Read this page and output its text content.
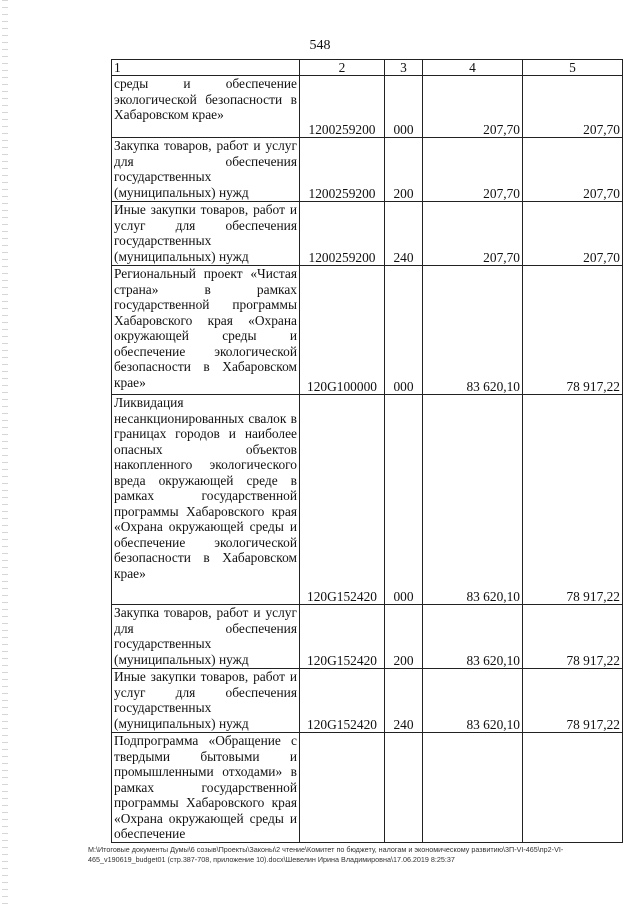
548
1	2	3	4	5
среды и обеспечение экологической безопасности в Хабаровском крае»	1200259200	000	207,70	207,70
Закупка товаров, работ и услуг для обеспечения государственных (муниципальных) нужд	1200259200	200	207,70	207,70
Иные закупки товаров, работ и услуг для обеспечения государственных (муниципальных) нужд	1200259200	240	207,70	207,70
Региональный проект «Чистая страна» в рамках государственной программы Хабаровского края «Охрана окружающей среды и обеспечение экологической безопасности в Хабаровском крае»	120G100000	000	83 620,10	78 917,22
Ликвидация несанкционированных свалок в границах городов и наиболее опасных объектов накопленного экологического вреда окружающей среде в рамках государственной программы Хабаровского края «Охрана окружающей среды и обеспечение экологической безопасности в Хабаровском крае»	120G152420	000	83 620,10	78 917,22
Закупка товаров, работ и услуг для обеспечения государственных (муниципальных) нужд	120G152420	200	83 620,10	78 917,22
Иные закупки товаров, работ и услуг для обеспечения государственных (муниципальных) нужд	120G152420	240	83 620,10	78 917,22
Подпрограмма «Обращение с твердыми бытовыми и промышленными отходами» в рамках государственной программы Хабаровского края «Охрана окружающей среды и обеспечение				
М:\Итоговые документы Думы\6 созыв\Проекты\Законы\2 чтение\Комитет по бюджету, налогам и экономическому развитию\3П-VI-465\пр2-VI-465_v190619_budget01 (стр.387-708, приложение 10).docx\Шевелин Ирина Владимировна\17.06.2019 8:25:37
